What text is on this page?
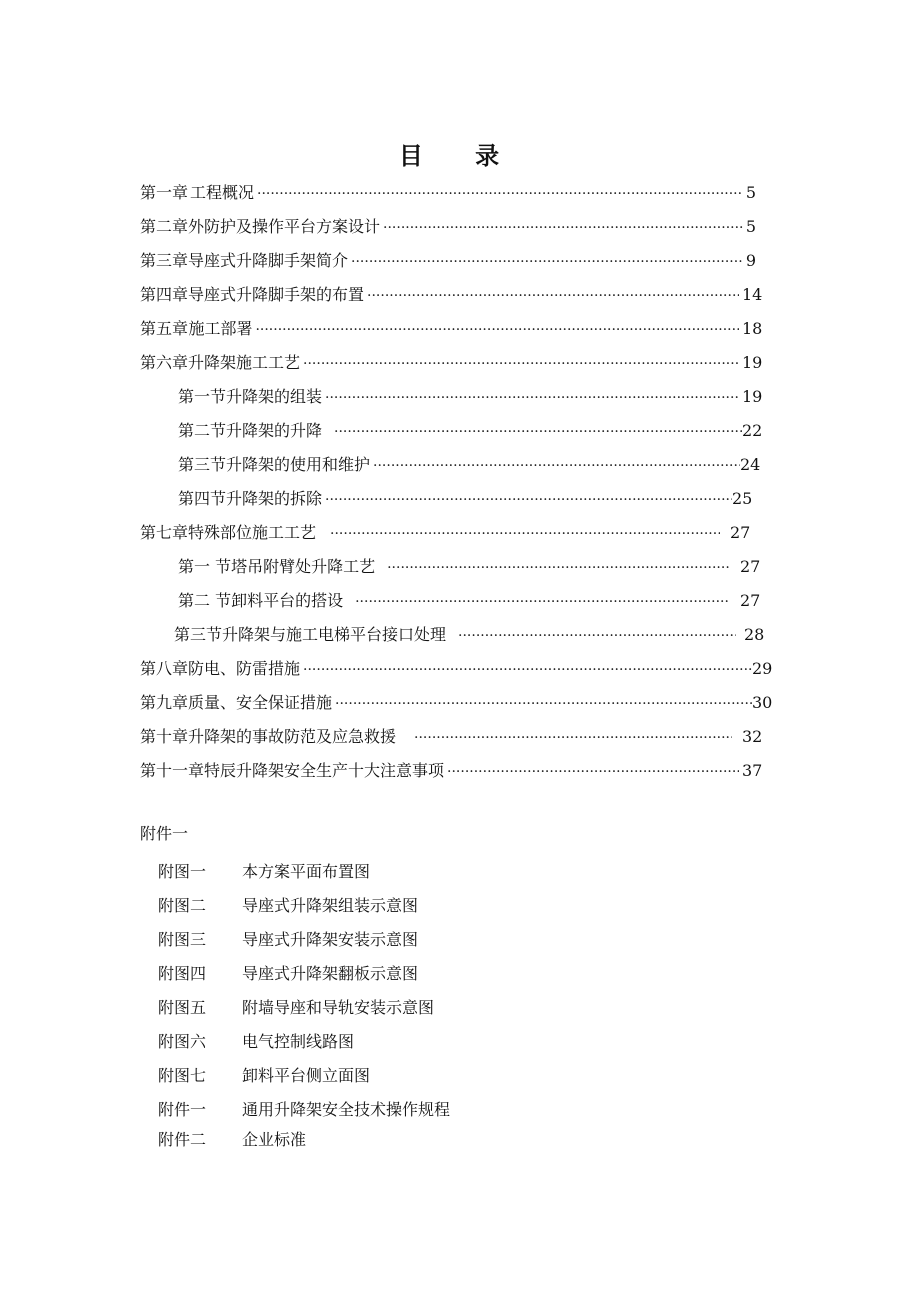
目 录
第一章 工程概况 ·····	5
第二章 外防护及操作平台方案设计 ·····	5
第三章 导座式升降脚手架简介 ·····	9
第四章 导座式升降脚手架的布置 ·····	14
第五章 施工部署 ·····	18
第六章 升降架施工工艺 ·····	19
第一节 升降架的组装 ·····	19
第二节 升降架的升降 ·····	22
第三节 升降架的使用和维护 ·····	24
第四节 升降架的拆除 ·····	25
第七章特殊部位施工工艺 ·····	27
第一 节 塔吊附臂处升降工艺 ·····	27
第二 节 卸料平台的搭设 ·····	27
第三节 升降架与施工电梯平台接口处理 ·····	28
第八章 防电、防雷措施 ·····	29
第九章 质量、安全保证措施 ·····	30
第十章 升降架的事故防范及应急救援 ·····	32
第十一章 特辰升降架安全生产十大注意事项 ·····	37
附件一
附图一 本方案平面布置图
附图二 导座式升降架组装示意图
附图三 导座式升降架安装示意图
附图四 导座式升降架翻板示意图
附图五 附墙导座和导轨安装示意图
附图六 电气控制线路图
附图七 卸料平台侧立面图
附件一 通用升降架安全技术操作规程
附件二 企业标准
